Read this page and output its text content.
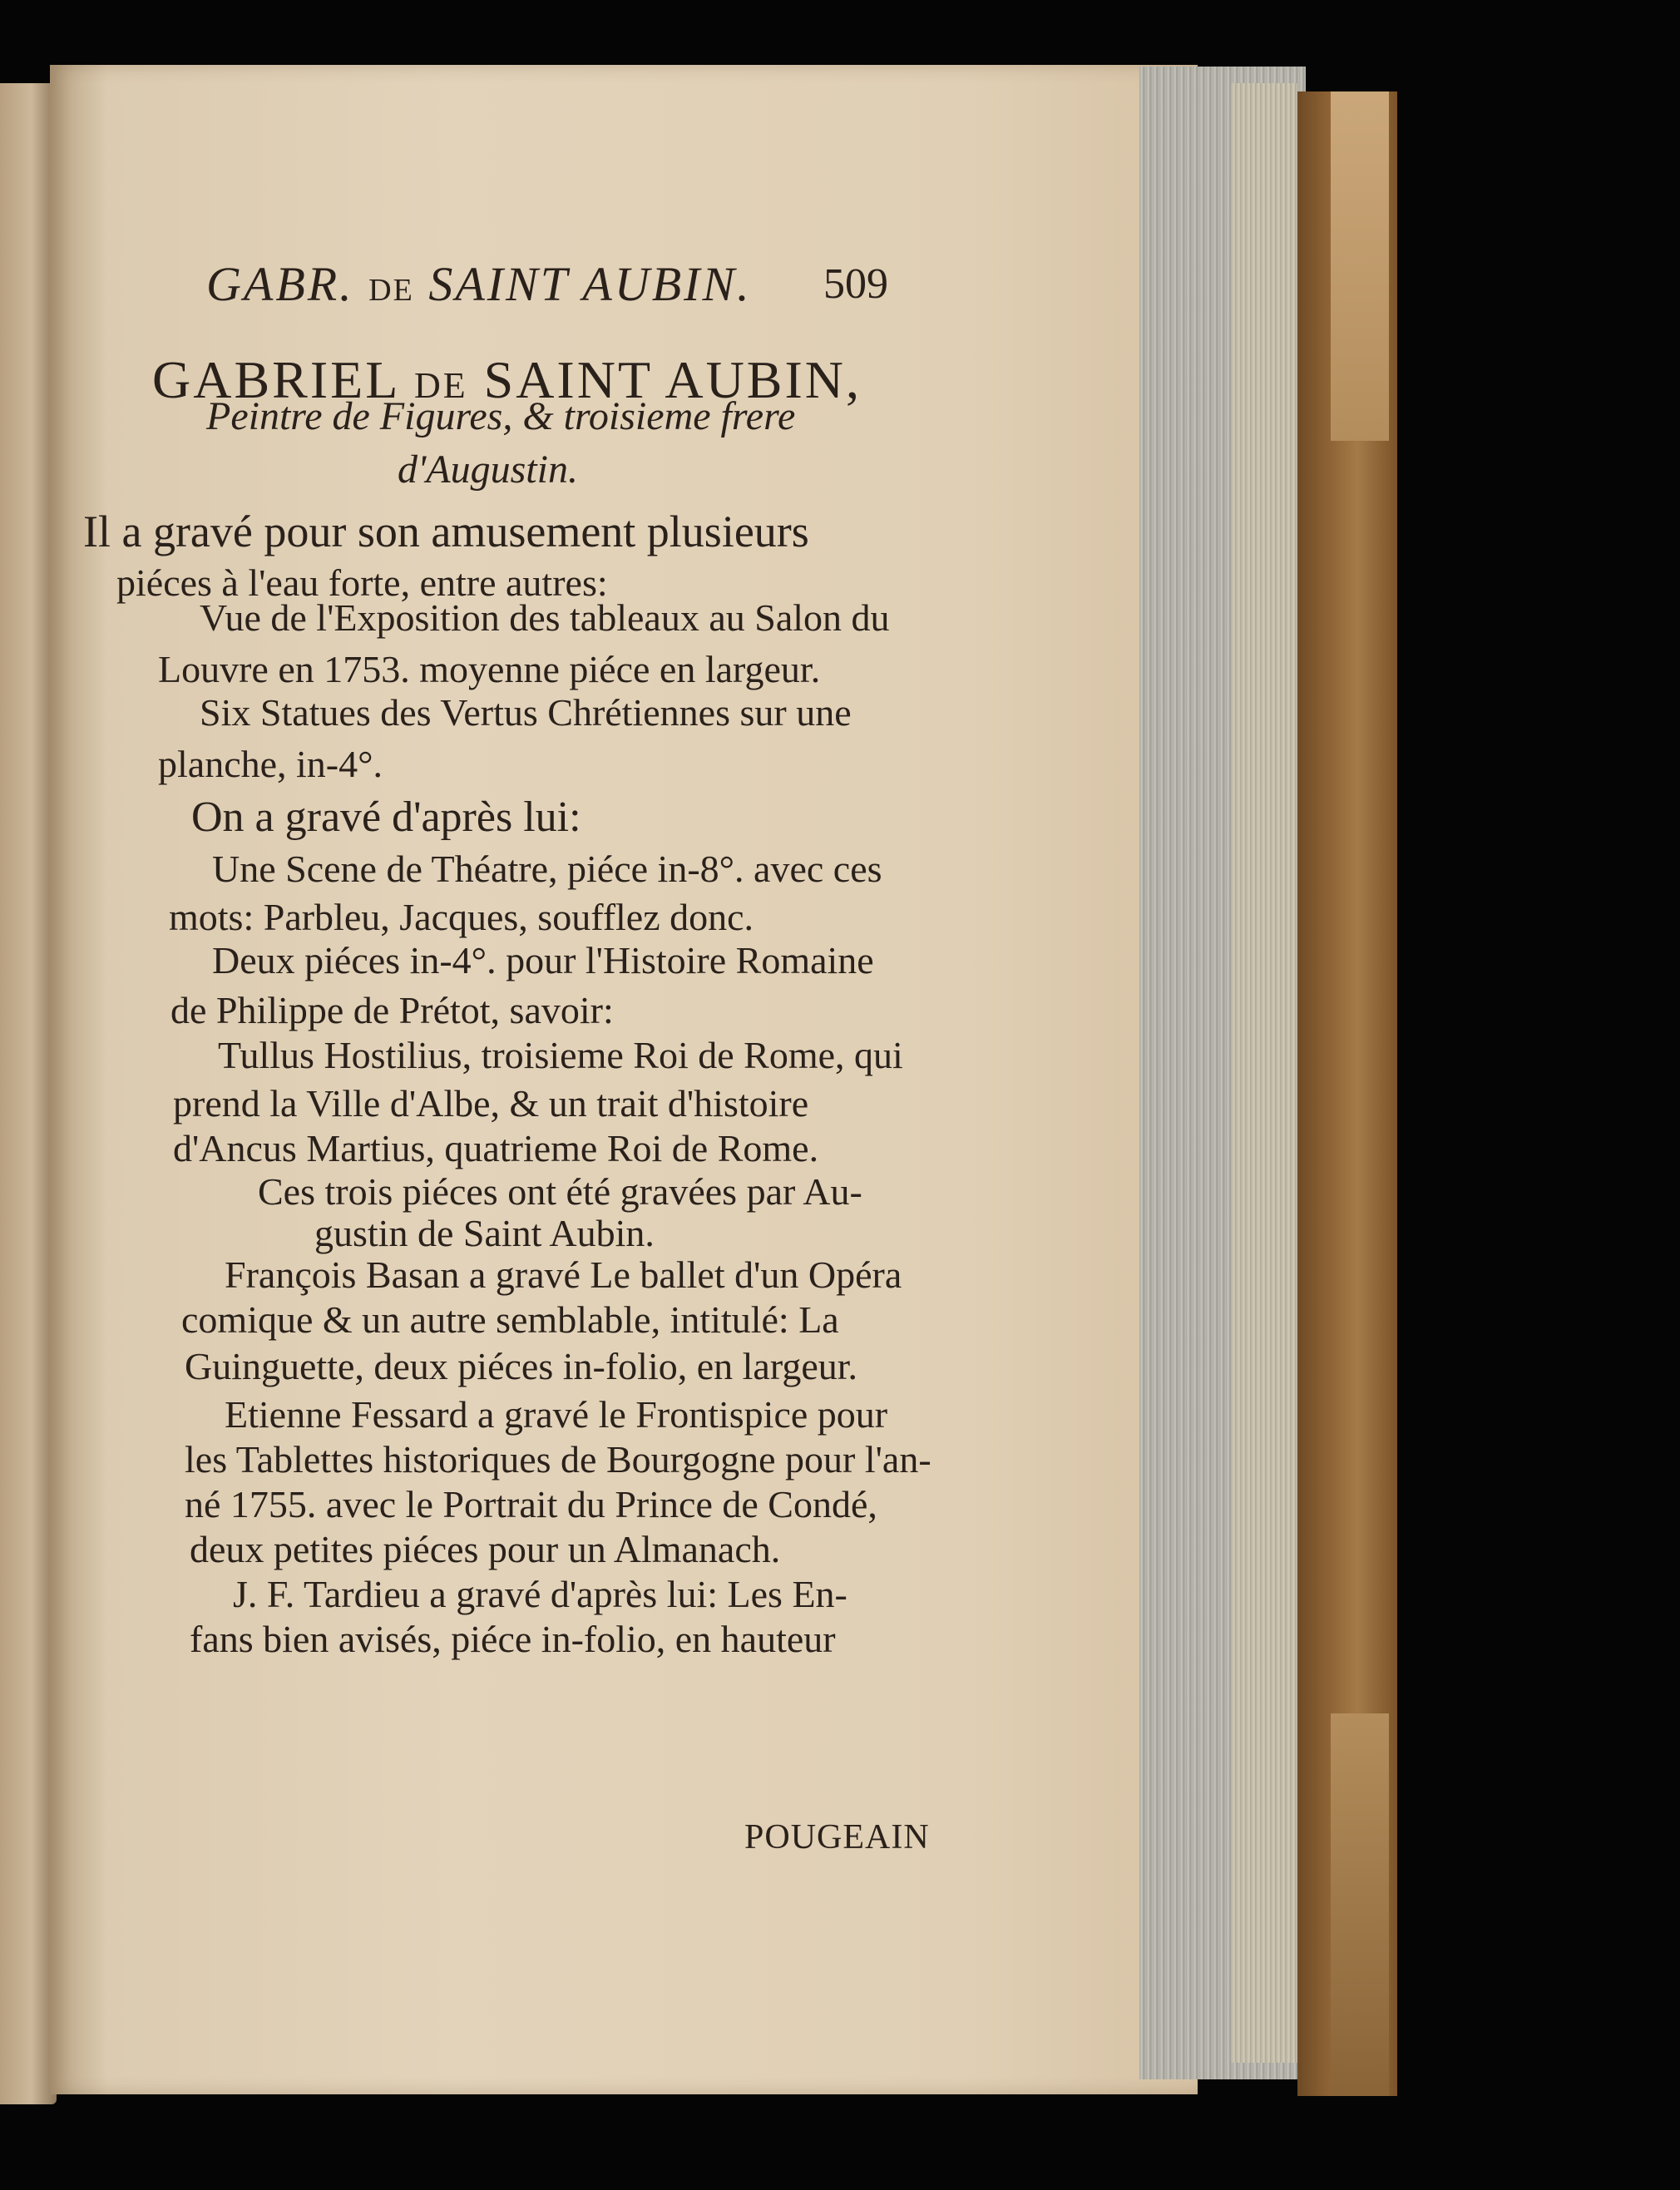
GABR. DE SAINT AUBIN. 509
GABRIEL DE SAINT AUBIN,
Peintre de Figures, & troisieme frere
d'Augustin.
Il a gravé pour son amusement plusieurs
piéces à l'eau forte, entre autres:
Vue de l'Exposition des tableaux au Salon du
Louvre en 1753. moyenne piéce en largeur.
Six Statues des Vertus Chrétiennes sur une
planche, in-4°.
On a gravé d'après lui:
Une Scene de Théatre, piéce in-8°. avec ces
mots: Parbleu, Jacques, soufflez donc.
Deux piéces in-4°. pour l'Histoire Romaine
de Philippe de Prétot, savoir:
Tullus Hostilius, troisieme Roi de Rome, qui
prend la Ville d'Albe, & un trait d'histoire
d'Ancus Martius, quatrieme Roi de Rome.
Ces trois piéces ont été gravées par Au-
gustin de Saint Aubin.
François Basan a gravé Le ballet d'un Opéra
comique & un autre semblable, intitulé: La
Guinguette, deux piéces in-folio, en largeur.
Etienne Fessard a gravé le Frontispice pour
les Tablettes historiques de Bourgogne pour l'an-
né 1755. avec le Portrait du Prince de Condé,
deux petites piéces pour un Almanach.
J. F. Tardieu a gravé d'après lui: Les En-
fans bien avisés, piéce in-folio, en hauteur
POUGEAIN
